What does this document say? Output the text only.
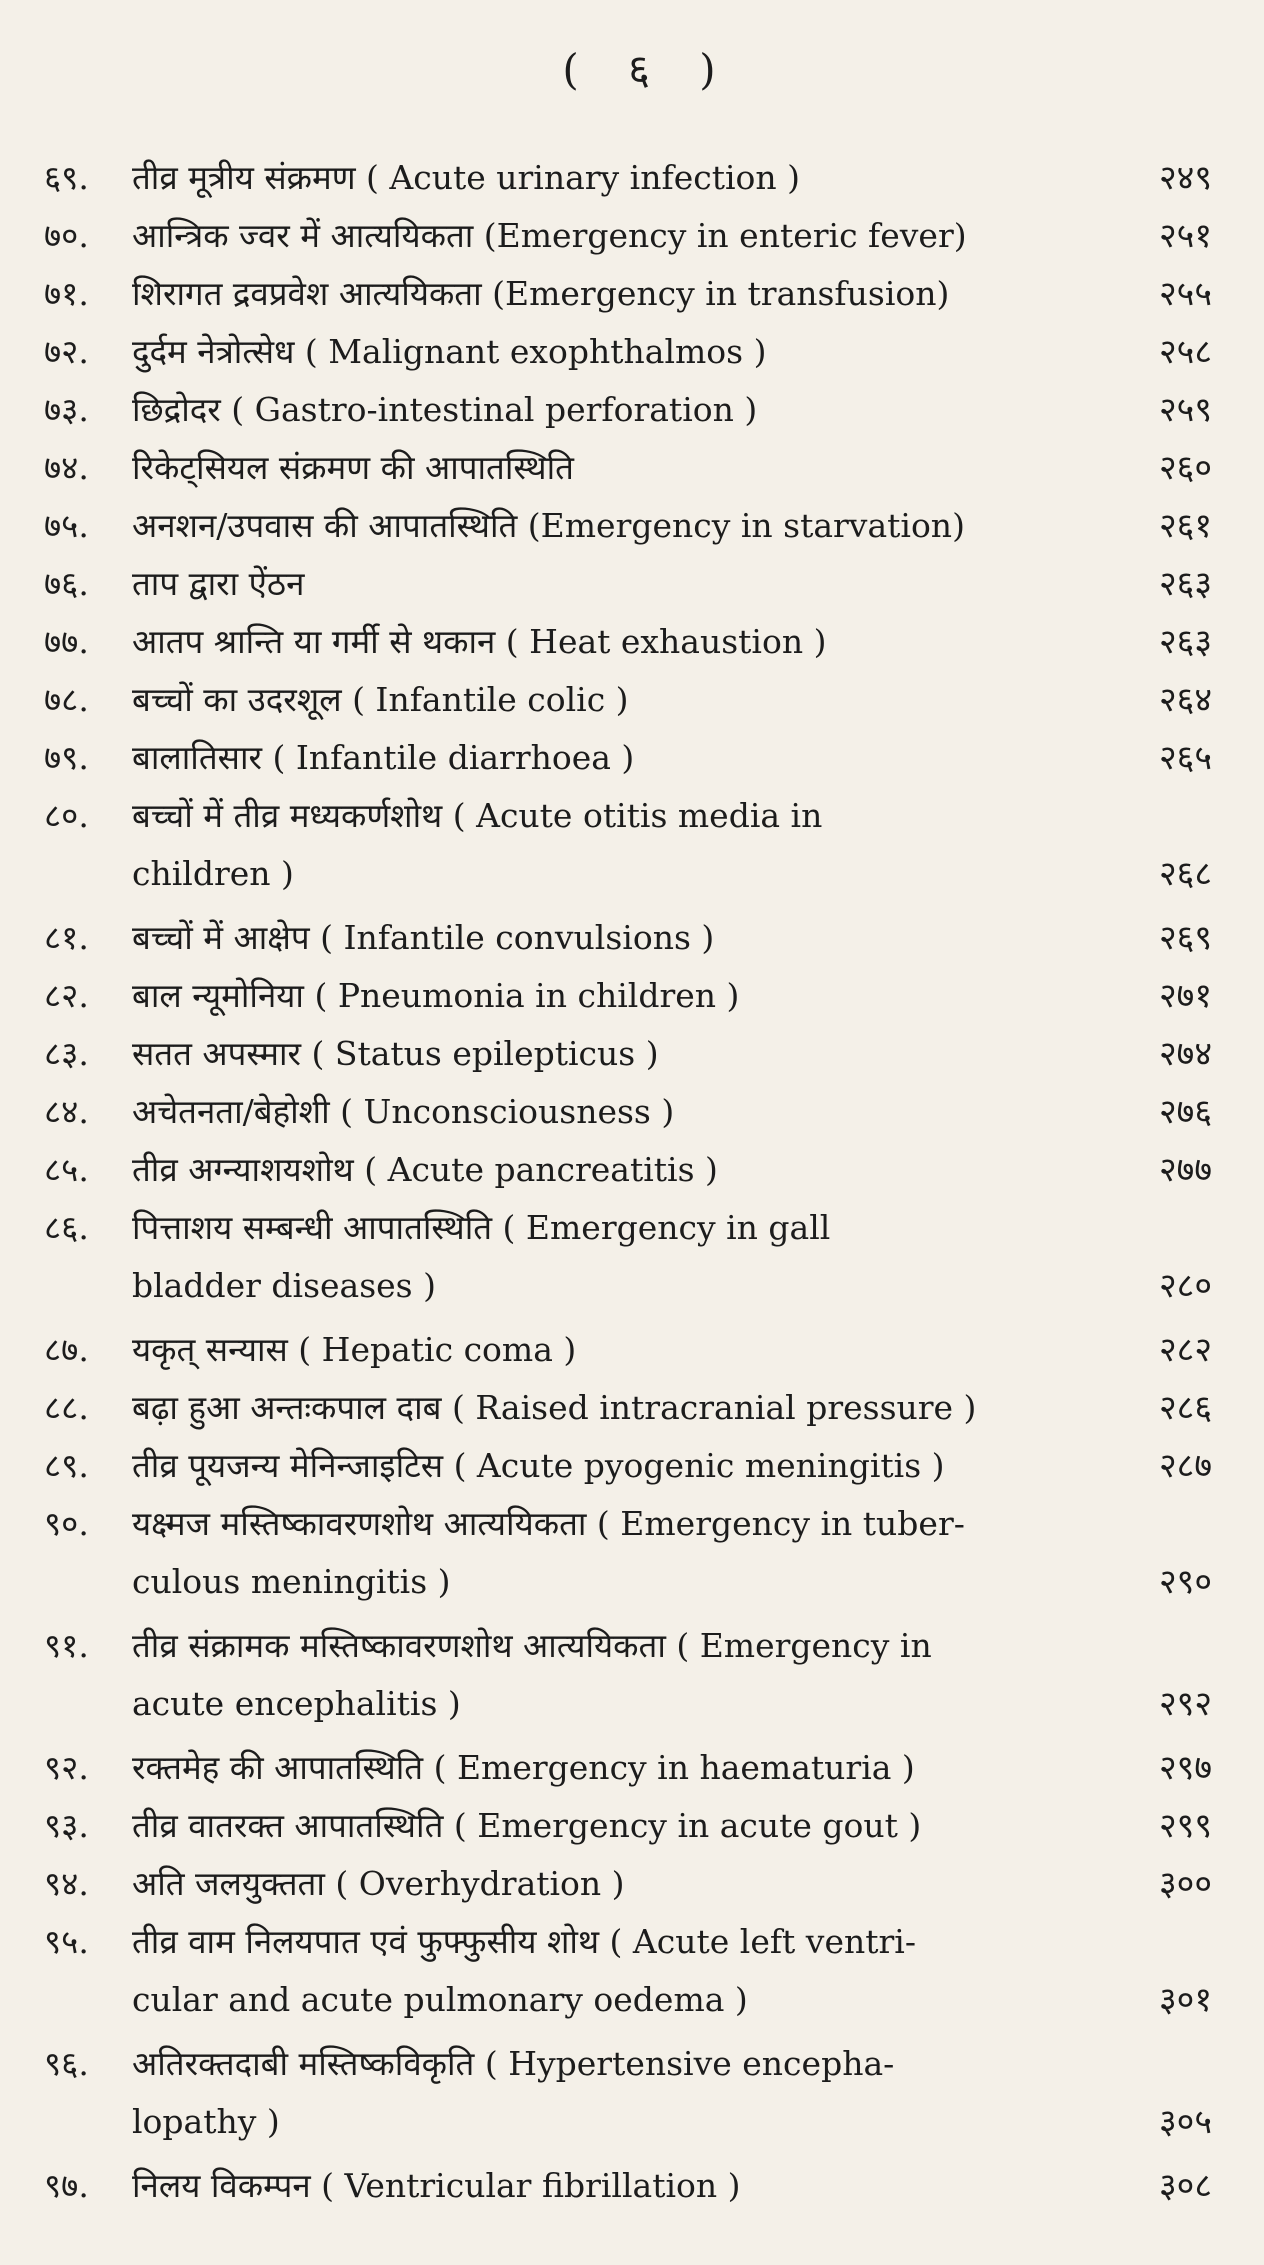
( ६ )
६९. तीव्र मूत्रीय संक्रमण ( Acute urinary infection )	२४९
७०. आन्त्रिक ज्वर में आत्ययिकता (Emergency in enteric fever)	२५१
७१. शिरागत द्रवप्रवेश आत्ययिकता (Emergency in transfusion)	२५५
७२. दुर्दम नेत्रोत्सेध ( Malignant exophthalmos )	२५८
७३. छिद्रोदर ( Gastro-intestinal perforation )	२५९
७४. रिकेट्सियल संक्रमण की आपातस्थिति	२६०
७५. अनशन/उपवास की आपातस्थिति (Emergency in starvation)	२६१
७६. ताप द्वारा ऐंठन	२६३
७७. आतप श्रान्ति या गर्मी से थकान ( Heat exhaustion )	२६३
७८. बच्चों का उदरशूल ( Infantile colic )	२६४
७९. बालातिसार ( Infantile diarrhoea )	२६५
८०. बच्चों में तीव्र मध्यकर्णशोथ ( Acute otitis media in
children )	२६८
८१. बच्चों में आक्षेप ( Infantile convulsions )	२६९
८२. बाल न्यूमोनिया ( Pneumonia in children )	२७१
८३. सतत अपस्मार ( Status epilepticus )	२७४
८४. अचेतनता/बेहोशी ( Unconsciousness )	२७६
८५. तीव्र अग्न्याशयशोथ ( Acute pancreatitis )	२७७
८६. पित्ताशय सम्बन्धी आपातस्थिति ( Emergency in gall
bladder diseases )	२८०
८७. यकृत् सन्यास ( Hepatic coma )	२८२
८८. बढ़ा हुआ अन्तःकपाल दाब ( Raised intracranial pressure )	२८६
८९. तीव्र पूयजन्य मेनिन्जाइटिस ( Acute pyogenic meningitis )	२८७
९०. यक्ष्मज मस्तिष्कावरणशोथ आत्ययिकता ( Emergency in tuber-
culous meningitis )	२९०
९१. तीव्र संक्रामक मस्तिष्कावरणशोथ आत्ययिकता ( Emergency in
acute encephalitis )	२९२
९२. रक्तमेह की आपातस्थिति ( Emergency in haematuria )	२९७
९३. तीव्र वातरक्त आपातस्थिति ( Emergency in acute gout )	२९९
९४. अति जलयुक्तता ( Overhydration )	३००
९५. तीव्र वाम निलयपात एवं फुफ्फुसीय शोथ ( Acute left ventri-
cular and acute pulmonary oedema )	३०१
९६. अतिरक्तदाबी मस्तिष्कविकृति ( Hypertensive encepha-
lopathy )	३०५
९७. निलय विकम्पन ( Ventricular fibrillation )	३०८
